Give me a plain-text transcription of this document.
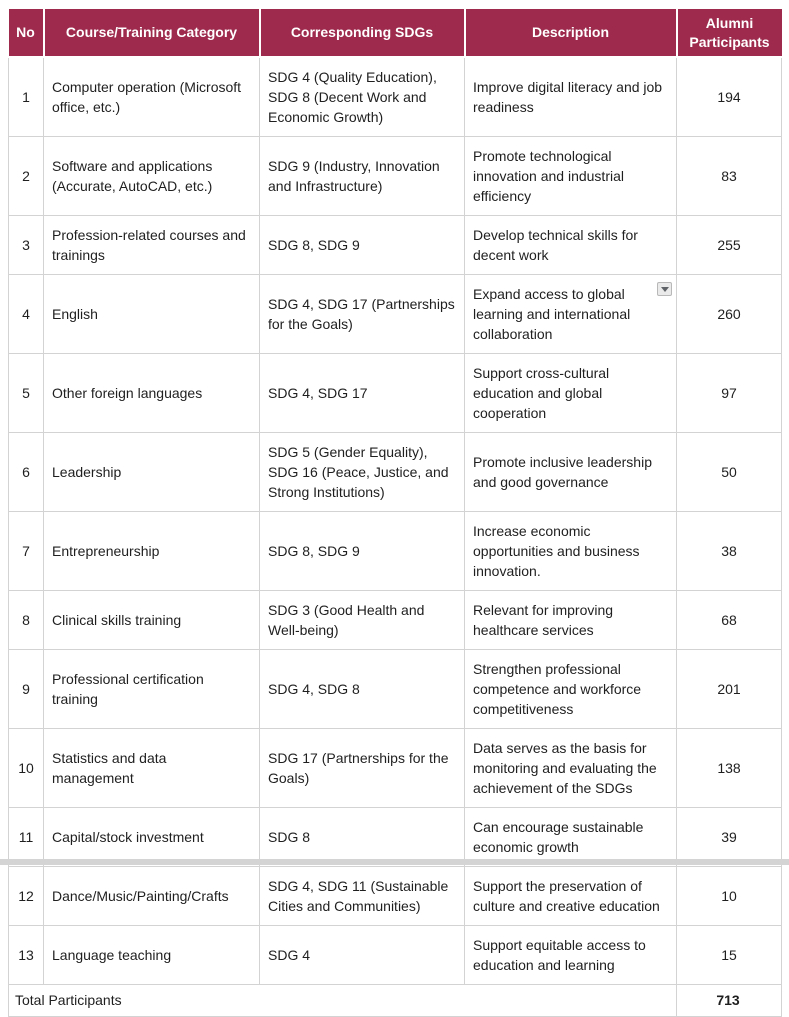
No	Course/Training Category	Corresponding SDGs	Description	Alumni Participants
1	Computer operation (Microsoft office, etc.)	SDG 4 (Quality Education), SDG 8 (Decent Work and Economic Growth)	Improve digital literacy and job readiness	194
2	Software and applications (Accurate, AutoCAD, etc.)	SDG 9 (Industry, Innovation and Infrastructure)	Promote technological innovation and industrial efficiency	83
3	Profession-related courses and trainings	SDG 8, SDG 9	Develop technical skills for decent work	255
4	English	SDG 4, SDG 17 (Partnerships for the Goals)	Expand access to global learning and international collaboration	260
5	Other foreign languages	SDG 4, SDG 17	Support cross-cultural education and global cooperation	97
6	Leadership	SDG 5 (Gender Equality), SDG 16 (Peace, Justice, and Strong Institutions)	Promote inclusive leadership and good governance	50
7	Entrepreneurship	SDG 8, SDG 9	Increase economic opportunities and business innovation.	38
8	Clinical skills training	SDG 3 (Good Health and Well-being)	Relevant for improving healthcare services	68
9	Professional certification training	SDG 4, SDG 8	Strengthen professional competence and workforce competitiveness	201
10	Statistics and data management	SDG 17 (Partnerships for the Goals)	Data serves as the basis for monitoring and evaluating the achievement of the SDGs	138
11	Capital/stock investment	SDG 8	Can encourage sustainable economic growth	39
12	Dance/Music/Painting/Crafts	SDG 4, SDG 11 (Sustainable Cities and Communities)	Support the preservation of culture and creative education	10
13	Language teaching	SDG 4	Support equitable access to education and learning	15
Total Participants				713
